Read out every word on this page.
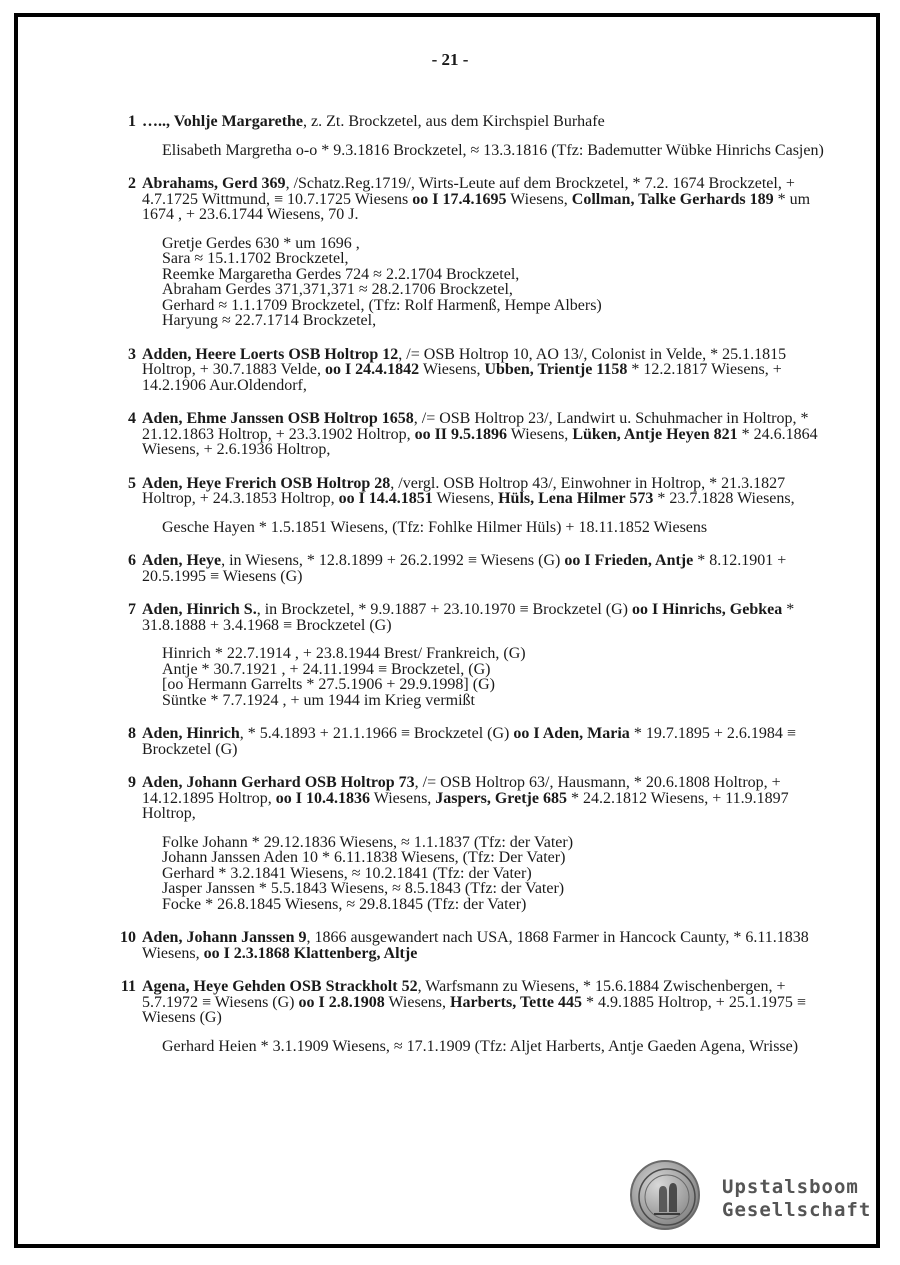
- 21 -
1 ….., Vohlje Margarethe, z. Zt. Brockzetel, aus dem Kirchspiel Burhafe
Elisabeth Margretha o-o * 9.3.1816 Brockzetel, ≈ 13.3.1816 (Tfz: Bademutter Wübke Hinrichs Casjen)
2 Abrahams, Gerd 369, /Schatz.Reg.1719/, Wirts-Leute auf dem Brockzetel, * 7.2. 1674 Brockzetel, + 4.7.1725 Wittmund, ≡ 10.7.1725 Wiesens oo I 17.4.1695 Wiesens, Collman, Talke Gerhards 189 * um 1674 , + 23.6.1744 Wiesens, 70 J.
Gretje Gerdes 630 * um 1696 ,
Sara ≈ 15.1.1702 Brockzetel,
Reemke Margaretha Gerdes 724 ≈ 2.2.1704 Brockzetel,
Abraham Gerdes 371,371,371 ≈ 28.2.1706 Brockzetel,
Gerhard ≈ 1.1.1709 Brockzetel, (Tfz: Rolf Harmenß, Hempe Albers)
Haryung ≈ 22.7.1714 Brockzetel,
3 Adden, Heere Loerts OSB Holtrop 12, /= OSB Holtrop 10, AO 13/, Colonist in Velde, * 25.1.1815 Holtrop, + 30.7.1883 Velde, oo I 24.4.1842 Wiesens, Ubben, Trientje 1158 * 12.2.1817 Wiesens, + 14.2.1906 Aur.Oldendorf,
4 Aden, Ehme Janssen OSB Holtrop 1658, /= OSB Holtrop 23/, Landwirt u. Schuhmacher in Holtrop, * 21.12.1863 Holtrop, + 23.3.1902 Holtrop, oo II 9.5.1896 Wiesens, Lüken, Antje Heyen 821 * 24.6.1864 Wiesens, + 2.6.1936 Holtrop,
5 Aden, Heye Frerich OSB Holtrop 28, /vergl. OSB Holtrop 43/, Einwohner in Holtrop, * 21.3.1827 Holtrop, + 24.3.1853 Holtrop, oo I 14.4.1851 Wiesens, Hüls, Lena Hilmer 573 * 23.7.1828 Wiesens,
Gesche Hayen * 1.5.1851 Wiesens, (Tfz: Fohlke Hilmer Hüls) + 18.11.1852 Wiesens
6 Aden, Heye, in Wiesens, * 12.8.1899 + 26.2.1992 ≡ Wiesens (G) oo I Frieden, Antje * 8.12.1901 + 20.5.1995 ≡ Wiesens (G)
7 Aden, Hinrich S., in Brockzetel, * 9.9.1887 + 23.10.1970 ≡ Brockzetel (G) oo I Hinrichs, Gebkea * 31.8.1888 + 3.4.1968 ≡ Brockzetel (G)
Hinrich * 22.7.1914 , + 23.8.1944 Brest/ Frankreich, (G)
Antje * 30.7.1921 , + 24.11.1994 ≡ Brockzetel, (G)
[oo Hermann Garrelts * 27.5.1906 + 29.9.1998] (G)
Süntke * 7.7.1924 , + um 1944 im Krieg vermißt
8 Aden, Hinrich, * 5.4.1893 + 21.1.1966 ≡ Brockzetel (G) oo I Aden, Maria * 19.7.1895 + 2.6.1984 ≡ Brockzetel (G)
9 Aden, Johann Gerhard OSB Holtrop 73, /= OSB Holtrop 63/, Hausmann, * 20.6.1808 Holtrop, + 14.12.1895 Holtrop, oo I 10.4.1836 Wiesens, Jaspers, Gretje 685 * 24.2.1812 Wiesens, + 11.9.1897 Holtrop,
Folke Johann * 29.12.1836 Wiesens, ≈ 1.1.1837 (Tfz: der Vater)
Johann Janssen Aden 10 * 6.11.1838 Wiesens, (Tfz: Der Vater)
Gerhard * 3.2.1841 Wiesens, ≈ 10.2.1841 (Tfz: der Vater)
Jasper Janssen * 5.5.1843 Wiesens, ≈ 8.5.1843 (Tfz: der Vater)
Focke * 26.8.1845 Wiesens, ≈ 29.8.1845 (Tfz: der Vater)
10 Aden, Johann Janssen 9, 1866 ausgewandert nach USA, 1868 Farmer in Hancock Caunty, * 6.11.1838 Wiesens, oo I 2.3.1868 Klattenberg, Altje
11 Agena, Heye Gehden OSB Strackholt 52, Warfsmann zu Wiesens, * 15.6.1884 Zwischenbergen, + 5.7.1972 ≡ Wiesens (G) oo I 2.8.1908 Wiesens, Harberts, Tette 445 * 4.9.1885 Holtrop, + 25.1.1975 ≡ Wiesens (G)
Gerhard Heien * 3.1.1909 Wiesens, ≈ 17.1.1909 (Tfz: Aljet Harberts, Antje Gaeden Agena, Wrisse)
Upstalsboom
Gesellschaft
